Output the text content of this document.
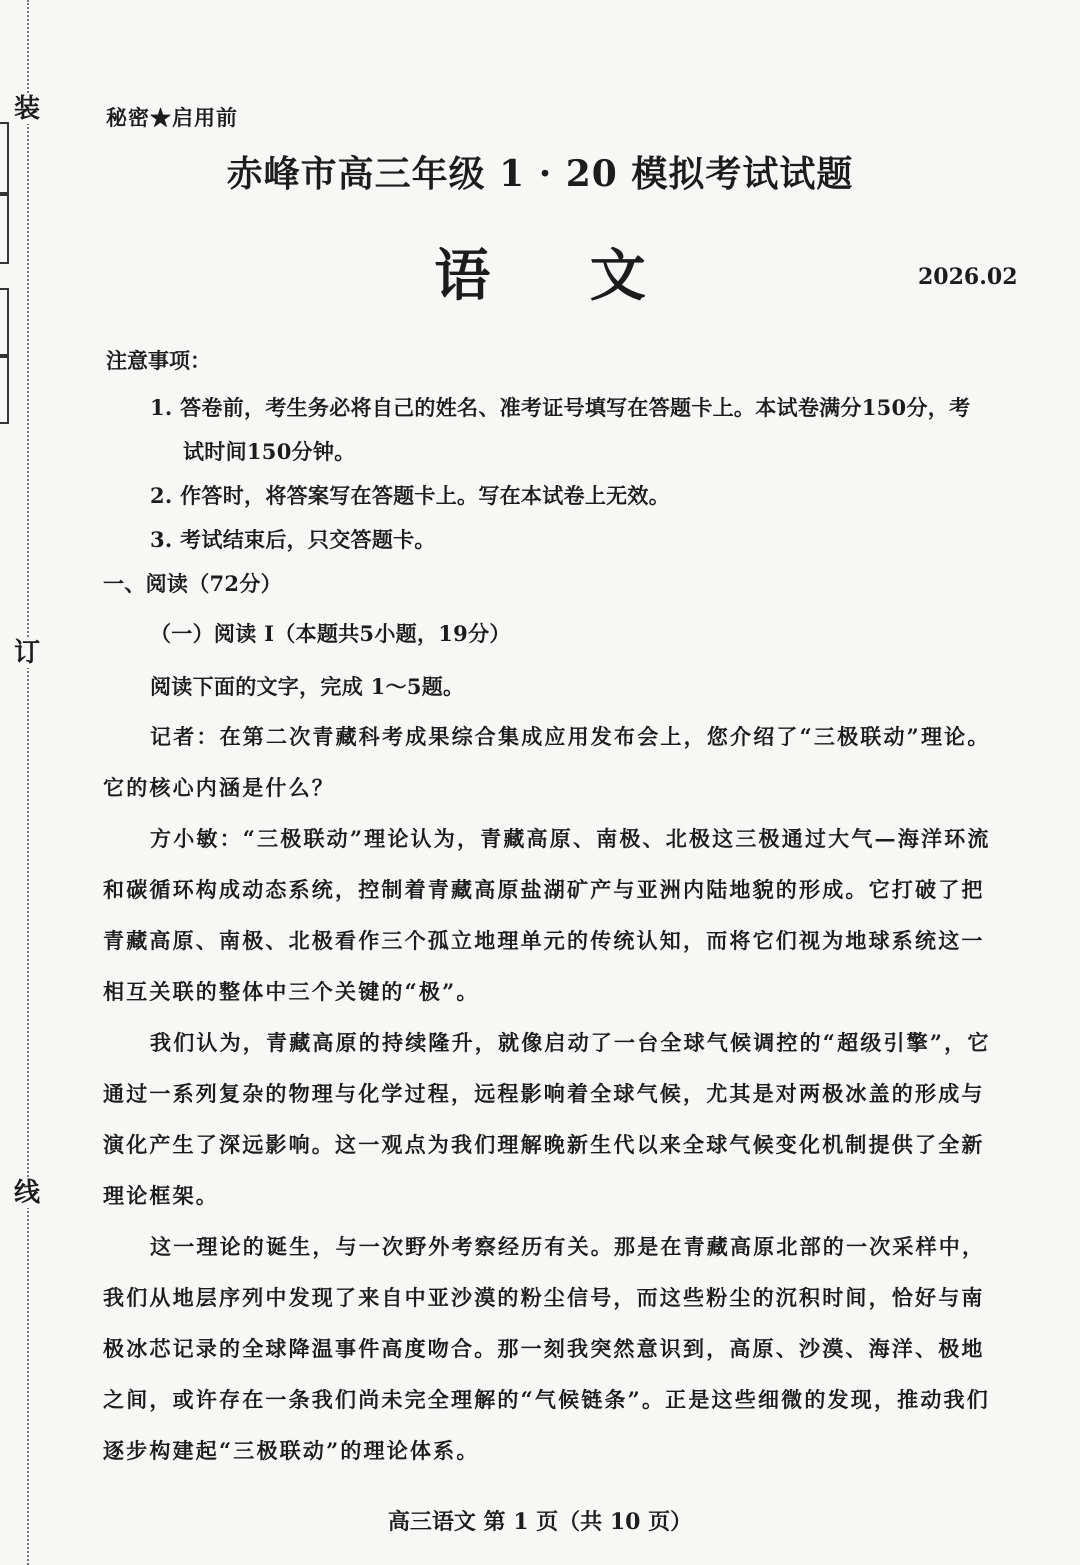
装
订
线
秘密★启用前
赤峰市高三年级 1 · 20 模拟考试试题
语 文	2026.02
注意事项：
1. 答卷前，考生务必将自己的姓名、准考证号填写在答题卡上。本试卷满分150分，考
试时间150分钟。
2. 作答时，将答案写在答题卡上。写在本试卷上无效。
3. 考试结束后，只交答题卡。
一、阅读（72分）
（一）阅读 Ⅰ（本题共5小题，19分）
阅读下面的文字，完成 1～5题。
记者：在第二次青藏科考成果综合集成应用发布会上，您介绍了“三极联动”理论。
它的核心内涵是什么？
方小敏：“三极联动”理论认为，青藏高原、南极、北极这三极通过大气—海洋环流
和碳循环构成动态系统，控制着青藏高原盐湖矿产与亚洲内陆地貌的形成。它打破了把
青藏高原、南极、北极看作三个孤立地理单元的传统认知，而将它们视为地球系统这一
相互关联的整体中三个关键的“极”。
我们认为，青藏高原的持续隆升，就像启动了一台全球气候调控的“超级引擎”，它
通过一系列复杂的物理与化学过程，远程影响着全球气候，尤其是对两极冰盖的形成与
演化产生了深远影响。这一观点为我们理解晚新生代以来全球气候变化机制提供了全新
理论框架。
这一理论的诞生，与一次野外考察经历有关。那是在青藏高原北部的一次采样中，
我们从地层序列中发现了来自中亚沙漠的粉尘信号，而这些粉尘的沉积时间，恰好与南
极冰芯记录的全球降温事件高度吻合。那一刻我突然意识到，高原、沙漠、海洋、极地
之间，或许存在一条我们尚未完全理解的“气候链条”。正是这些细微的发现，推动我们
逐步构建起“三极联动”的理论体系。
高三语文 第 1 页（共 10 页）
